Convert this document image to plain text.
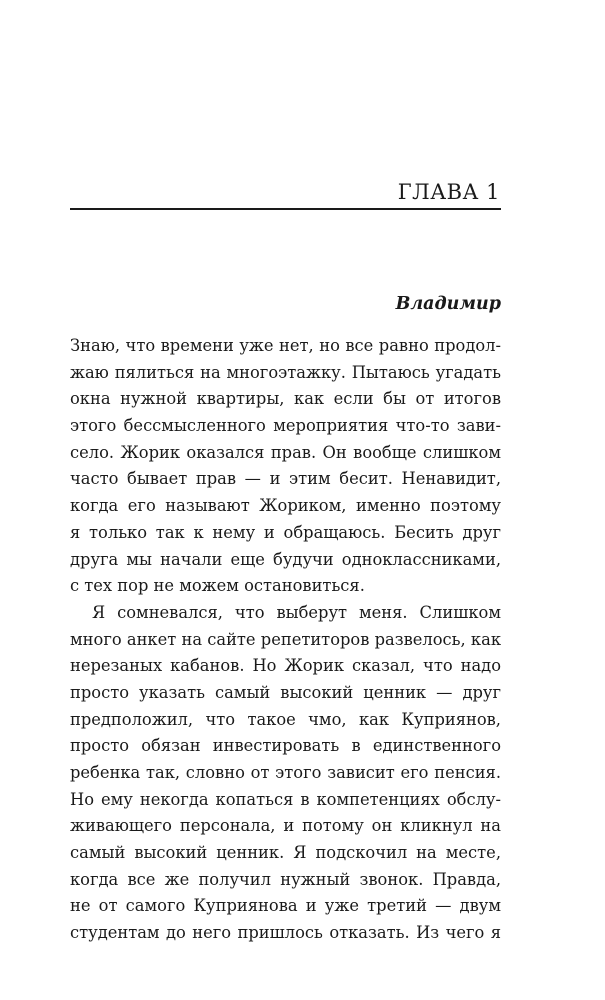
ГЛАВА 1
Владимир
Знаю, что времени уже нет, но все равно продол-
жаю пялиться на многоэтажку. Пытаюсь угадать
окна нужной квартиры, как если бы от итогов
этого бессмысленного мероприятия что-то зави-
село. Жорик оказался прав. Он вообще слишком
часто бывает прав — и этим бесит. Ненавидит,
когда его называют Жориком, именно поэтому
я только так к нему и обращаюсь. Бесить друг
друга мы начали еще будучи одноклассниками,
с тех пор не можем остановиться.
Я сомневался, что выберут меня. Слишком
много анкет на сайте репетиторов развелось, как
нерезаных кабанов. Но Жорик сказал, что надо
просто указать самый высокий ценник — друг
предположил, что такое чмо, как Куприянов,
просто обязан инвестировать в единственного
ребенка так, словно от этого зависит его пенсия.
Но ему некогда копаться в компетенциях обслу-
живающего персонала, и потому он кликнул на
самый высокий ценник. Я подскочил на месте,
когда все же получил нужный звонок. Правда,
не от самого Куприянова и уже третий — двум
студентам до него пришлось отказать. Из чего я
